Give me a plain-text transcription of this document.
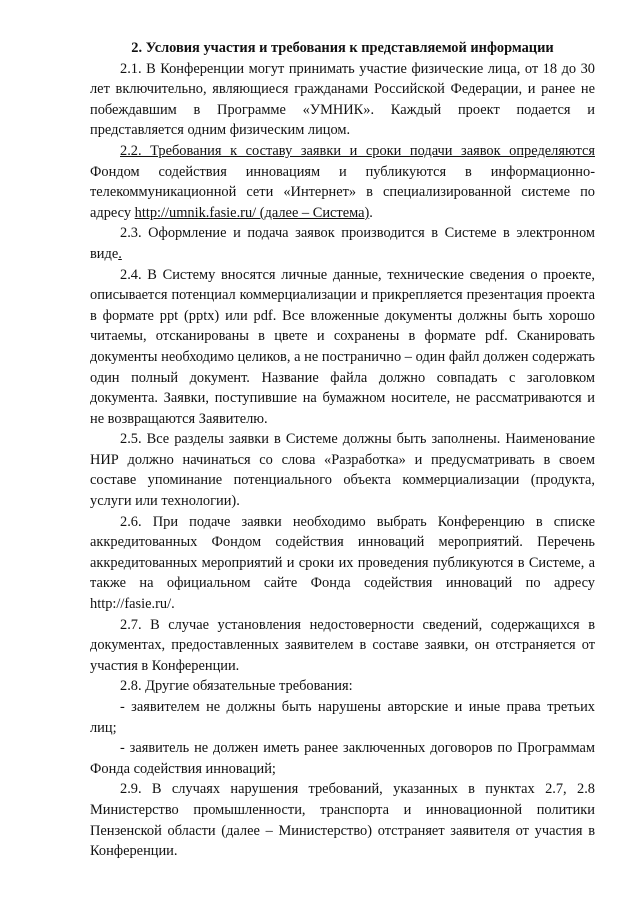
2. Условия участия и требования к представляемой информации

2.1. В Конференции могут принимать участие физические лица, от 18 до 30 лет включительно, являющиеся гражданами Российской Федерации, и ранее не побеждавшим в Программе «УМНИК». Каждый проект подается и представляется одним физическим лицом.

2.2. Требования к составу заявки и сроки подачи заявок определяются Фондом содействия инновациям и публикуются в информационно-телекоммуникационной сети «Интернет» в специализированной системе по адресу http://umnik.fasie.ru/ (далее – Система).

2.3. Оформление и подача заявок производится в Системе в электронном виде.

2.4. В Систему вносятся личные данные, технические сведения о проекте, описывается потенциал коммерциализации и прикрепляется презентация проекта в формате ppt (pptx) или pdf. Все вложенные документы должны быть хорошо читаемы, отсканированы в цвете и сохранены в формате pdf. Сканировать документы необходимо целиков, а не постранично – один файл должен содержать один полный документ. Название файла должно совпадать с заголовком документа. Заявки, поступившие на бумажном носителе, не рассматриваются и не возвращаются Заявителю.

2.5. Все разделы заявки в Системе должны быть заполнены. Наименование НИР должно начинаться со слова «Разработка» и предусматривать в своем составе упоминание потенциального объекта коммерциализации (продукта, услуги или технологии).

2.6. При подаче заявки необходимо выбрать Конференцию в списке аккредитованных Фондом содействия инноваций мероприятий. Перечень аккредитованных мероприятий и сроки их проведения публикуются в Системе, а также на официальном сайте Фонда содействия инноваций по адресу http://fasie.ru/.

2.7. В случае установления недостоверности сведений, содержащихся в документах, предоставленных заявителем в составе заявки, он отстраняется от участия в Конференции.

2.8. Другие обязательные требования:

- заявителем не должны быть нарушены авторские и иные права третьих лиц;

- заявитель не должен иметь ранее заключенных договоров по Программам Фонда содействия инноваций;

2.9. В случаях нарушения требований, указанных в пунктах 2.7, 2.8 Министерство промышленности, транспорта и инновационной политики Пензенской области (далее – Министерство) отстраняет заявителя от участия в Конференции.
